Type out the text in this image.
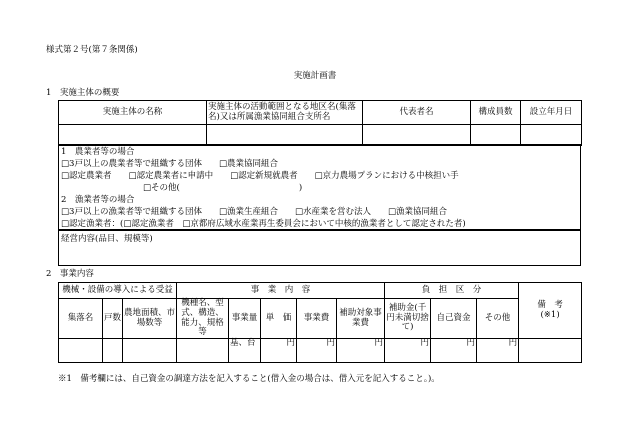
様式第２号(第７条関係)
実施計画書
1　実施主体の概要
実施主体の名称	実施主体の活動範囲となる地区名(集落名)又は所属漁業協同組合支所名	代表者名	構成員数	設立年月日

1　農業者等の場合
□3戸以上の農業者等で組織する団体　　□農業協同組合
□認定農業者　　□認定農業者に申請中　　□認定新規就農者　　□京力農場プランにおける中核担い手
□その他(　　　　　　　　　　　　　　)
2　漁業者等の場合
□3戸以上の漁業者等で組織する団体　　□漁業生産組合　　□水産業を営む法人　　□漁業協同組合
□認定漁業者：(□認定漁業者　□京都府広域水産業再生委員会において中核的漁業者として認定された者)
経営内容(品目、規模等)
2　事業内容
機械・設備の導入による受益			事　業　内　容					負　担　区　分			備　考
(※1)
集落名	戸数	農地面積、市場数等	機種名、型式、構造、能力、規格等	事業量	単　価	事業費	補助対象事業費	補助金(千円未満切捨て)	自己資金	その他	
				基、台	円	円	円	円	円	円	
※1　備考欄には、自己資金の調達方法を記入すること(借入金の場合は、借入元を記入すること。)。
